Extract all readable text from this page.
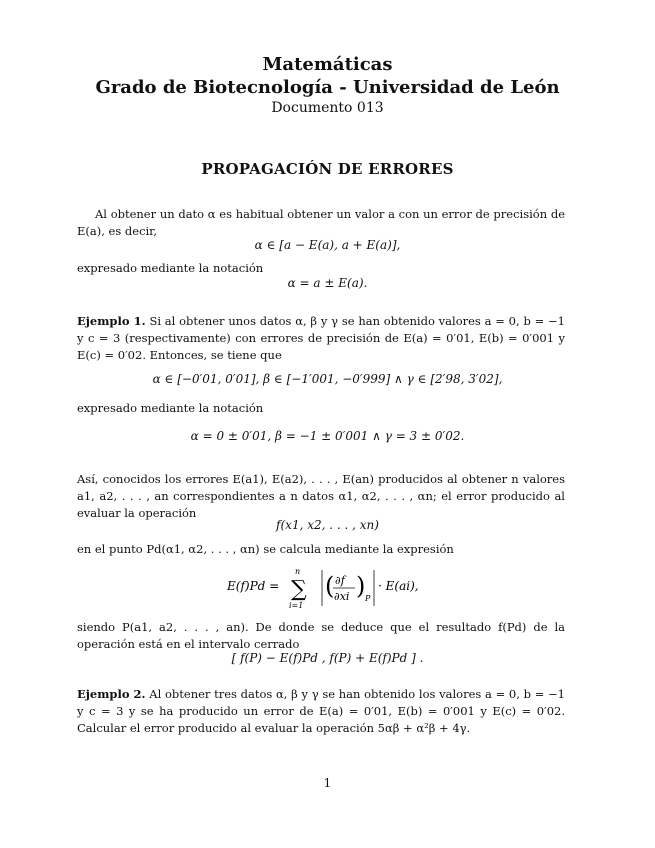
Matemáticas
Grado de Biotecnología - Universidad de León
Documento 013
PROPAGACIÓN DE ERRORES
Al obtener un dato α es habitual obtener un valor a con un error de precisión de E(a), es decir,
α ∈ [a − E(a), a + E(a)],
expresado mediante la notación
α = a ± E(a).
Ejemplo 1. Si al obtener unos datos α, β y γ se han obtenido valores a = 0, b = −1 y c = 3 (respectivamente) con errores de precisión de E(a) = 0′01, E(b) = 0′001 y E(c) = 0′02. Entonces, se tiene que
α ∈ [−0′01, 0′01], β ∈ [−1′001, −0′999] ∧ γ ∈ [2′98, 3′02],
expresado mediante la notación
α = 0 ± 0′01, β = −1 ± 0′001 ∧ γ = 3 ± 0′02.
Así, conocidos los errores E(a1), E(a2), . . . , E(an) producidos al obtener n valores a1, a2, . . . , an correspondientes a n datos α1, α2, . . . , αn; el error producido al evaluar la operación
f(x1, x2, . . . , xn)
en el punto Pd(α1, α2, . . . , αn) se calcula mediante la expresión
E(f)Pd = ∑
n
i=1
( ∂f
∂xi ) P
· E(ai),
siendo P(a1, a2, . . . , an). De donde se deduce que el resultado f(Pd) de la operación está en el intervalo cerrado
[ f(P) − E(f)Pd , f(P) + E(f)Pd ] .
Ejemplo 2. Al obtener tres datos α, β y γ se han obtenido los valores a = 0, b = −1 y c = 3 y se ha producido un error de E(a) = 0′01, E(b) = 0′001 y E(c) = 0′02. Calcular el error producido al evaluar la operación 5αβ + α²β + 4γ.
1
